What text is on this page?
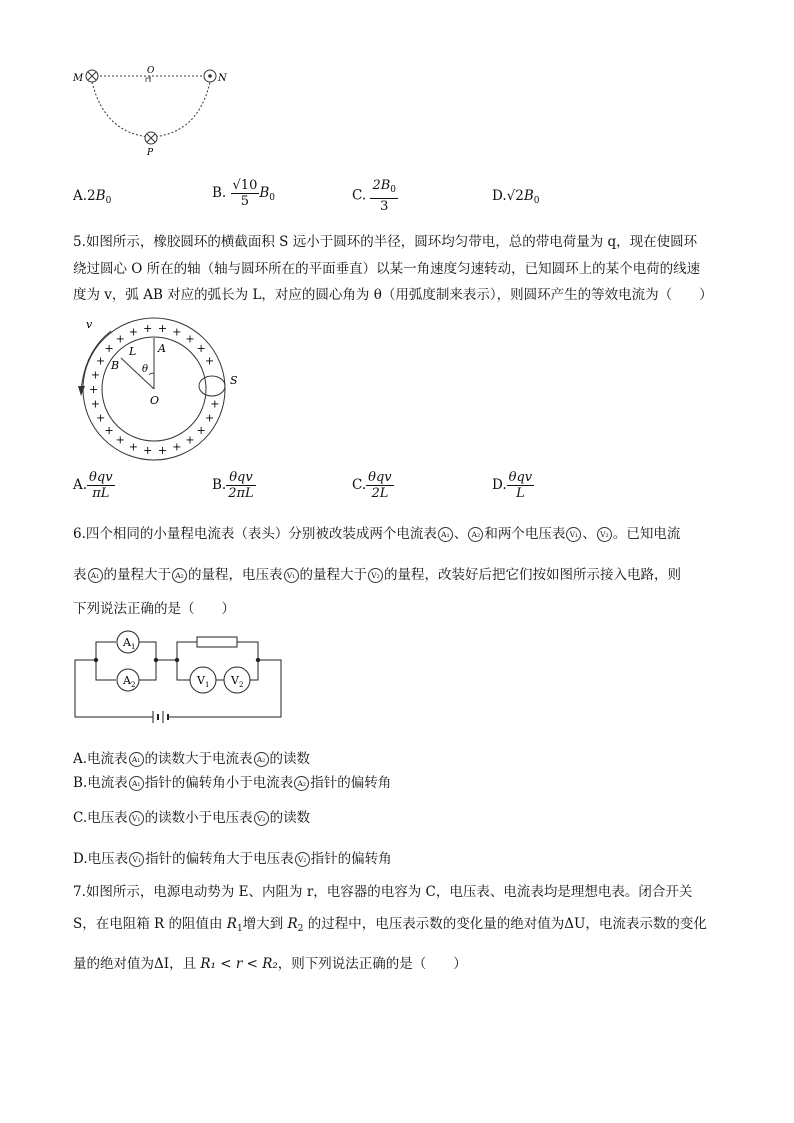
M
O
N
P
$A.2B_0$	B. $\frac{√10}{5} B_0$	C. $\frac{2B_0}{3}$	$D.√2B_0$
5.如图所示，橡胶圆环的横截面积 S 远小于圆环的半径，圆环均匀带电，总的带电荷量为 q，现在使圆环
绕过圆心 O 所在的轴（轴与圆环所在的平面垂直）以某一角速度匀速转动，已知圆环上的某个电荷的线速
度为 v，弧 AB 对应的弧长为 L，对应的圆心角为 θ（用弧度制来表示），则圆环产生的等效电流为（　　）
+
+
+
+
+
+
+
+
+
+
+
+
+
+
+
+
+
+ + + +
+
+
+
v
A
B
L
θ
O
S
A. $\frac{\text{θqv}}{\pi L}$	B. $\frac{\text{θqv}}{2\pi L}$	C. $\frac{\text{θqv}}{2L}$	D. $\frac{\text{θqv}}{L}$
6.四个相同的小量程电流表（表头）分别被改装成两个电流表 A₁ 、 A₂ 和两个电压表 V₁ 、 V₂ 。已知电流
表 A₁ 的量程大于 A₂ 的量程，电压表 V₁ 的量程大于 V₂ 的量程，改装好后把它们按如图所示接入电路，则
下列说法正确的是（　　）
A 1
A 2	V 1 V 2
A.电流表 A₁ 的读数大于电流表 A₂ 的读数
B.电流表 A₁ 指针的偏转角小于电流表 A₂ 指针的偏转角
C.电压表 V₁ 的读数小于电压表 V₂ 的读数
D.电压表 V₁ 指针的偏转角大于电压表 V₂ 指针的偏转角
7.如图所示，电源电动势为 E、内阻为 r，电容器的电容为 C，电压表、电流表均是理想电表。闭合开关
S，在电阻箱 R 的阻值由 $R_1$增大到 $R_2$ 的过程中，电压表示数的变化量的绝对值为ΔU，电流表示数的变化
量的绝对值为ΔI，且 R₁ < r < R₂，则下列说法正确的是（　　）
